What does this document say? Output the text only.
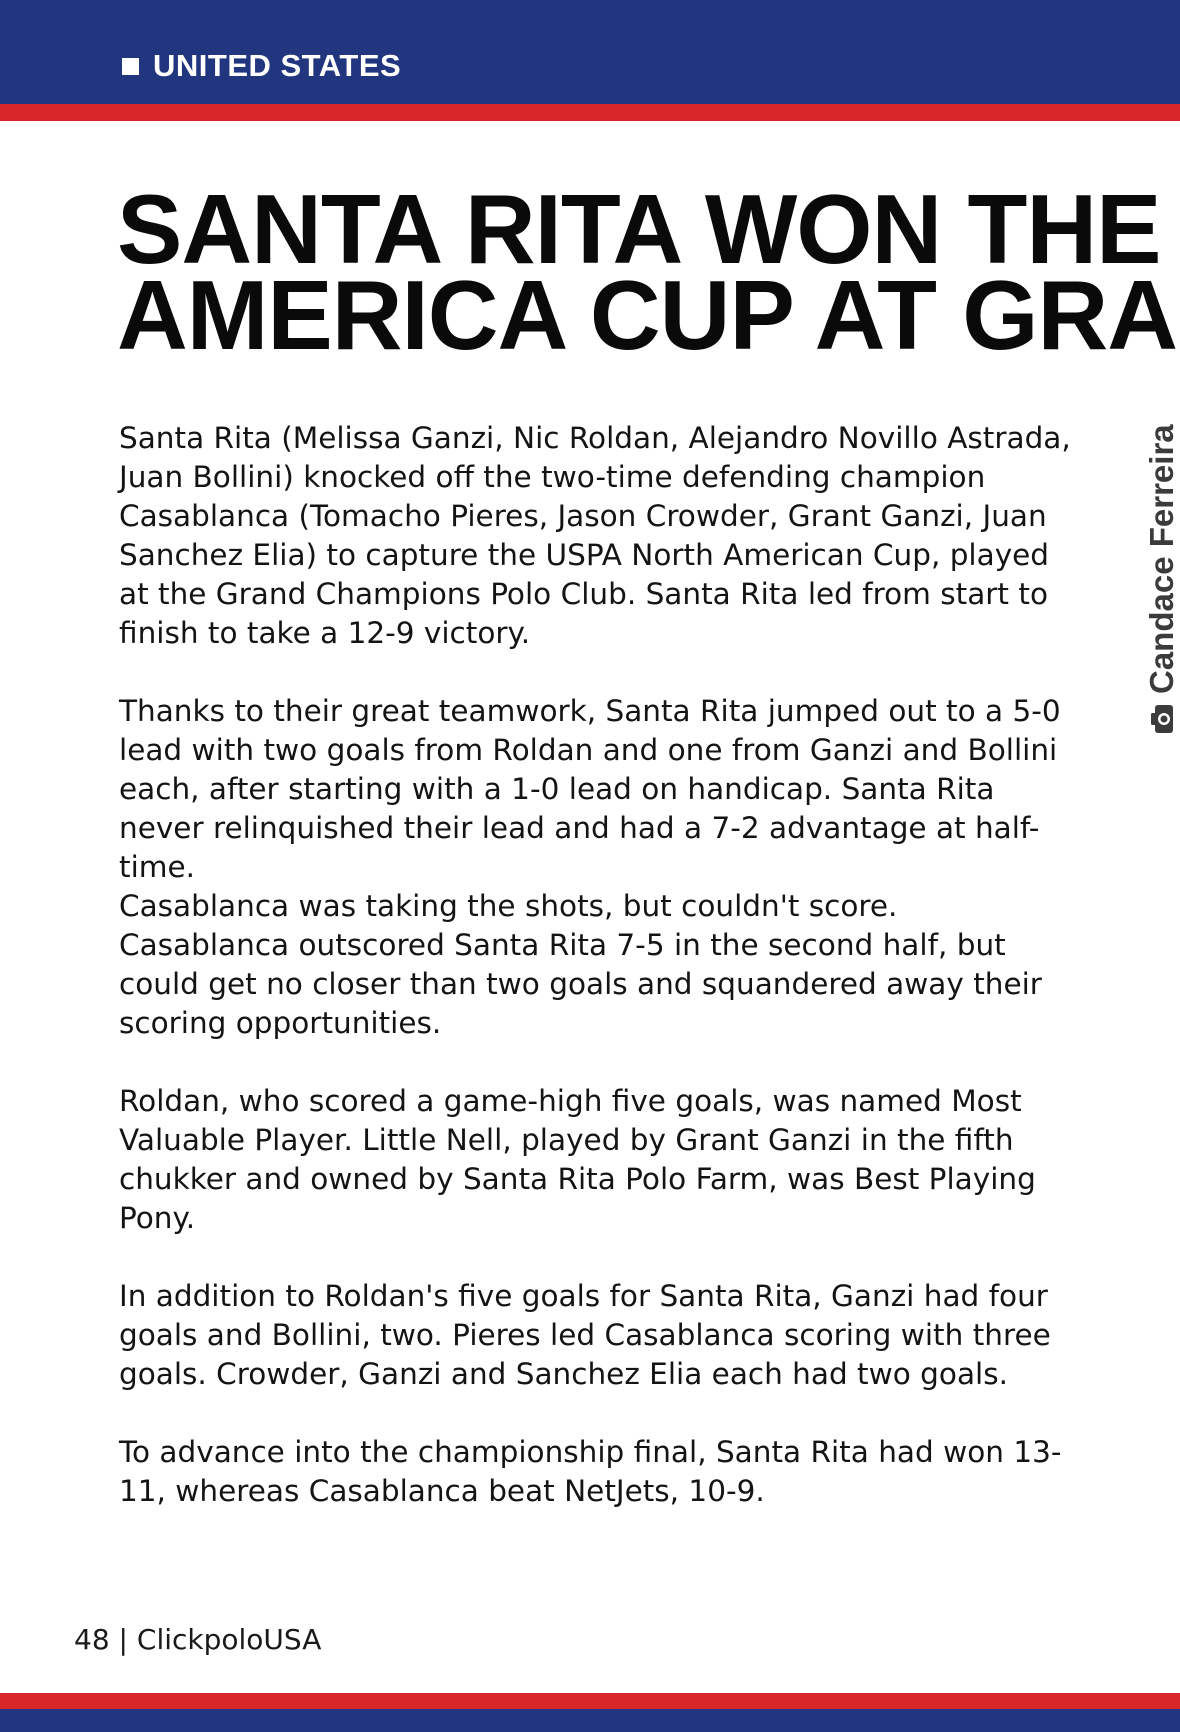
UNITED STATES
SANTA RITA WON THE
AMERICA CUP AT GRA

Santa Rita (Melissa Ganzi, Nic Roldan, Alejandro Novillo Astrada, Juan Bollini) knocked off the two-time defending champion Casablanca (Tomacho Pieres, Jason Crowder, Grant Ganzi, Juan Sanchez Elia) to capture the USPA North American Cup, played at the Grand Champions Polo Club. Santa Rita led from start to finish to take a 12-9 victory.

Thanks to their great teamwork, Santa Rita jumped out to a 5-0 lead with two goals from Roldan and one from Ganzi and Bollini each, after starting with a 1-0 lead on handicap. Santa Rita never relinquished their lead and had a 7-2 advantage at half-time.

Casablanca was taking the shots, but couldn't score.

Casablanca outscored Santa Rita 7-5 in the second half, but could get no closer than two goals and squandered away their scoring opportunities.

Roldan, who scored a game-high five goals, was named Most Valuable Player. Little Nell, played by Grant Ganzi in the fifth chukker and owned by Santa Rita Polo Farm, was Best Playing Pony.

In addition to Roldan's five goals for Santa Rita, Ganzi had four goals and Bollini, two. Pieres led Casablanca scoring with three goals. Crowder, Ganzi and Sanchez Elia each had two goals.

To advance into the championship final, Santa Rita had won 13-11, whereas Casablanca beat NetJets, 10-9.

Candace Ferreira
48 | ClickpoloUSA
